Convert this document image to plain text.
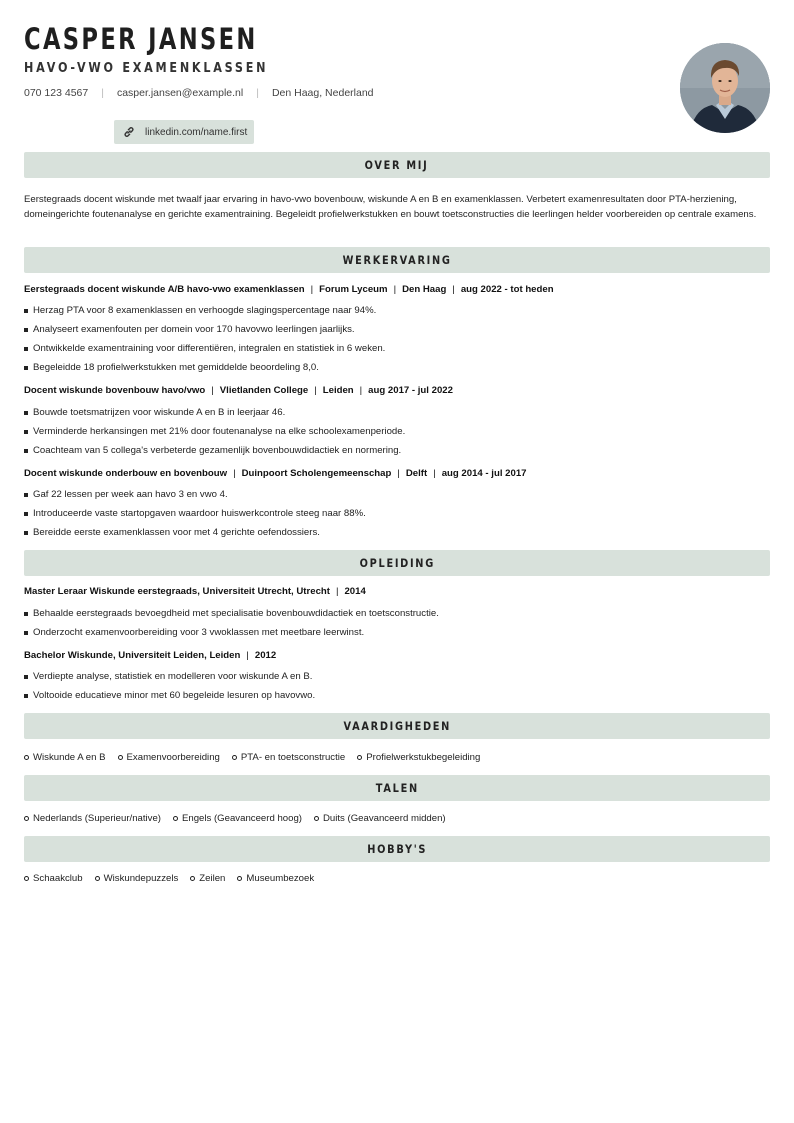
CASPER JANSEN
HAVO-VWO EXAMENKLASSEN
070 123 4567 | casper.jansen@example.nl | Den Haag, Nederland
linkedin.com/name.first
OVER MIJ

Eerstegraads docent wiskunde met twaalf jaar ervaring in havo-vwo bovenbouw, wiskunde A en B en examenklassen. Verbetert examenresultaten door PTA-herziening, domeingerichte foutenanalyse en gerichte examentraining. Begeleidt profielwerkstukken en bouwt toetsconstructies die leerlingen helder voorbereiden op centrale examens.

WERKERVARING
Eerstegraads docent wiskunde A/B havo-vwo examenklassen | Forum Lyceum | Den Haag | aug 2022 - tot heden
Herzag PTA voor 8 examenklassen en verhoogde slagingspercentage naar 94%.
Analyseert examenfouten per domein voor 170 havovwo leerlingen jaarlijks.
Ontwikkelde examentraining voor differentiëren, integralen en statistiek in 6 weken.
Begeleidde 18 profielwerkstukken met gemiddelde beoordeling 8,0.
Docent wiskunde bovenbouw havo/vwo | Vlietlanden College | Leiden | aug 2017 - jul 2022
Bouwde toetsmatrijzen voor wiskunde A en B in leerjaar 46.
Verminderde herkansingen met 21% door foutenanalyse na elke schoolexamenperiode.
Coachteam van 5 collega's verbeterde gezamenlijk bovenbouwdidactiek en normering.
Docent wiskunde onderbouw en bovenbouw | Duinpoort Scholengemeenschap | Delft | aug 2014 - jul 2017
Gaf 22 lessen per week aan havo 3 en vwo 4.
Introduceerde vaste startopgaven waardoor huiswerkcontrole steeg naar 88%.
Bereidde eerste examenklassen voor met 4 gerichte oefendossiers.
OPLEIDING
Master Leraar Wiskunde eerstegraads, Universiteit Utrecht, Utrecht | 2014
Behaalde eerstegraads bevoegdheid met specialisatie bovenbouwdidactiek en toetsconstructie.
Onderzocht examenvoorbereiding voor 3 vwoklassen met meetbare leerwinst.
Bachelor Wiskunde, Universiteit Leiden, Leiden | 2012
Verdiepte analyse, statistiek en modelleren voor wiskunde A en B.
Voltooide educatieve minor met 60 begeleide lesuren op havovwo.
VAARDIGHEDEN
Wiskunde A en B	Examenvoorbereiding	PTA- en toetsconstructie	Profielwerkstukbegeleiding
TALEN
Nederlands (Superieur/native)	Engels (Geavanceerd hoog)	Duits (Geavanceerd midden)
HOBBY'S
Schaakclub	Wiskundepuzzels	Zeilen	Museumbezoek
